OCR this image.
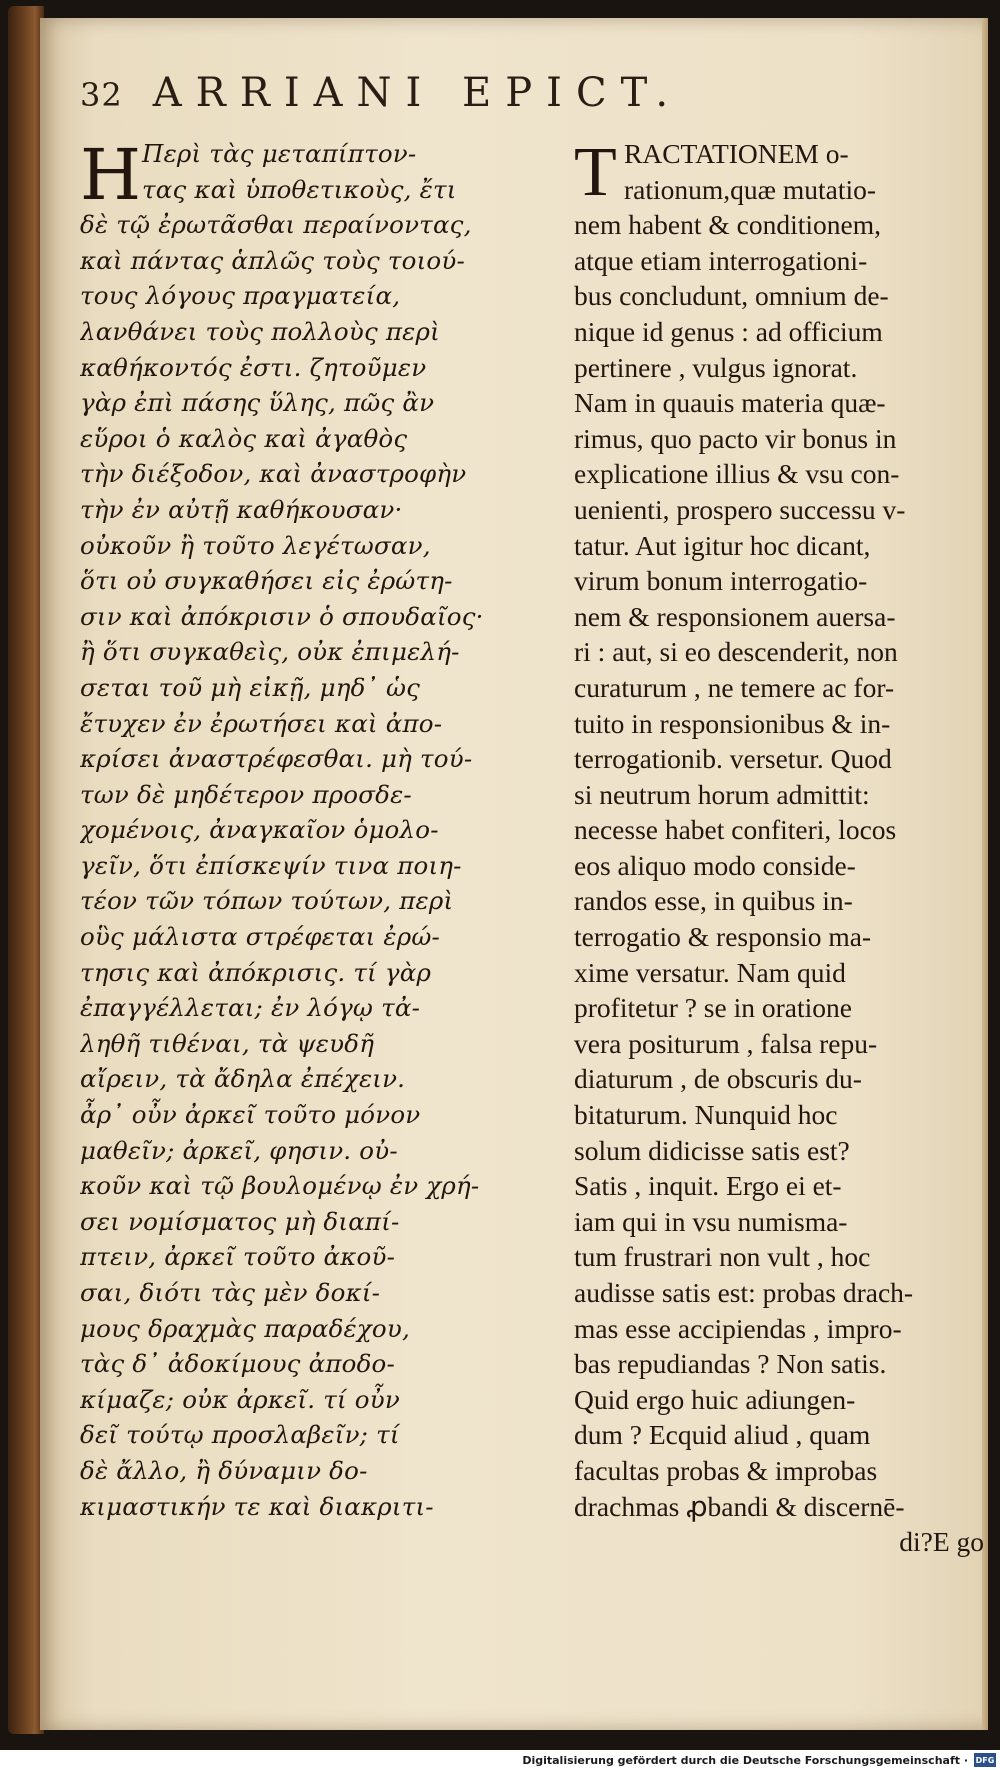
32 ARRIANI EPICT.
Η Περὶ τὰς μεταπίπτον-
τας καὶ ὑποθετικοὺς, ἔτι
δὲ τῷ ἐρωτᾶσθαι περαίνοντας,
καὶ πάντας ἁπλῶς τοὺς τοιού-
τους λόγους πραγματεία,
λανθάνει τοὺς πολλοὺς περὶ
καθήκοντός ἐστι. ζητοῦμεν
γὰρ ἐπὶ πάσης ὕλης, πῶς ἂν
εὕροι ὁ καλὸς καὶ ἀγαθὸς
τὴν διέξοδον, καὶ ἀναστροφὴν
τὴν ἐν αὐτῇ καθήκουσαν·
οὐκοῦν ἢ τοῦτο λεγέτωσαν,
ὅτι οὐ συγκαθήσει εἰς ἐρώτη-
σιν καὶ ἀπόκρισιν ὁ σπουδαῖος·
ἢ ὅτι συγκαθεὶς, οὐκ ἐπιμελή-
σεται τοῦ μὴ εἰκῇ, μηδ᾽ ὡς
ἔτυχεν ἐν ἐρωτήσει καὶ ἀπο-
κρίσει ἀναστρέφεσθαι. μὴ τού-
των δὲ μηδέτερον προσδε-
χομένοις, ἀναγκαῖον ὁμολο-
γεῖν, ὅτι ἐπίσκεψίν τινα ποιη-
τέον τῶν τόπων τούτων, περὶ
οὓς μάλιστα στρέφεται ἐρώ-
τησις καὶ ἀπόκρισις. τί γὰρ
ἐπαγγέλλεται; ἐν λόγῳ τἀ-
ληθῆ τιθέναι, τὰ ψευδῆ
αἴρειν, τὰ ἄδηλα ἐπέχειν.
ἆρ᾽ οὖν ἀρκεῖ τοῦτο μόνον
μαθεῖν; ἀρκεῖ, φησιν. οὐ-
κοῦν καὶ τῷ βουλομένῳ ἐν χρή-
σει νομίσματος μὴ διαπί-
πτειν, ἀρκεῖ τοῦτο ἀκοῦ-
σαι, διότι τὰς μὲν δοκί-
μους δραχμὰς παραδέχου,
τὰς δ᾽ ἀδοκίμους ἀποδο-
κίμαζε; οὐκ ἀρκεῖ. τί οὖν
δεῖ τούτῳ προσλαβεῖν; τί
δὲ ἄλλο, ἢ δύναμιν δο-
κιμαστικήν τε καὶ διακριτι-
T RACTATIONEM o-
rationum,quæ mutatio-
nem habent & conditionem,
atque etiam interrogationi-
bus concludunt, omnium de-
nique id genus : ad officium
pertinere , vulgus ignorat.
Nam in quauis materia quæ-
rimus, quo pacto vir bonus in
explicatione illius & vsu con-
uenienti, prospero successu v-
tatur. Aut igitur hoc dicant,
virum bonum interrogatio-
nem & responsionem auersa-
ri : aut, si eo descenderit, non
curaturum , ne temere ac for-
tuito in responsionibus & in-
terrogationib. versetur. Quod
si neutrum horum admittit:
necesse habet confiteri, locos
eos aliquo modo conside-
randos esse, in quibus in-
terrogatio & responsio ma-
xime versatur. Nam quid
profitetur ? se in oratione
vera positurum , falsa repu-
diaturum , de obscuris du-
bitaturum. Nunquid hoc
solum didicisse satis est?
Satis , inquit. Ergo ei et-
iam qui in vsu numisma-
tum frustrari non vult , hoc
audisse satis est: probas drach-
mas esse accipiendas , impro-
bas repudiandas ? Non satis.
Quid ergo huic adiungen-
dum ? Ecquid aliud , quam
facultas probas & improbas
drachmas ꝓbandi & discernē-
di?E go
Digitalisierung gefördert durch die Deutsche Forschungsgemeinschaft · DFG
